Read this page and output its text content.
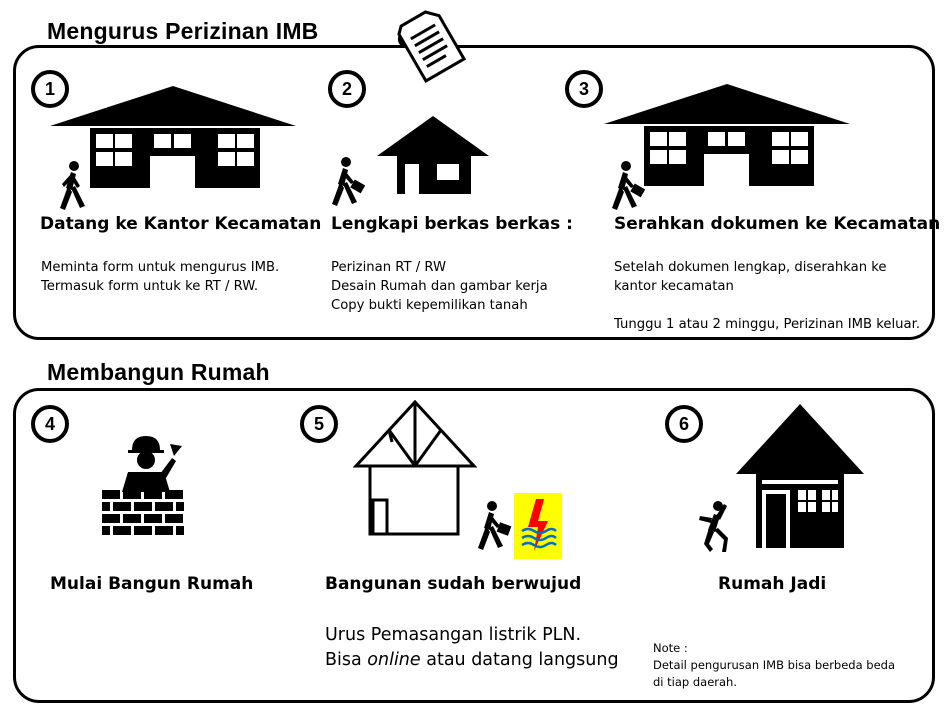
Mengurus Perizinan IMB
1
Datang ke Kantor Kecamatan
Meminta form untuk mengurus IMB.
Termasuk form untuk ke RT / RW.
2
Lengkapi berkas berkas :
Perizinan RT / RW
Desain Rumah dan gambar kerja
Copy bukti kepemilikan tanah
3
Serahkan dokumen ke Kecamatan
Setelah dokumen lengkap, diserahkan ke
kantor kecamatan
Tunggu 1 atau 2 minggu, Perizinan IMB keluar.
Membangun Rumah
4
Mulai Bangun Rumah
5
Bangunan sudah berwujud
Urus Pemasangan listrik PLN.
Bisa online atau datang langsung
6
Rumah Jadi
Note :
Detail pengurusan IMB bisa berbeda beda
di tiap daerah.
